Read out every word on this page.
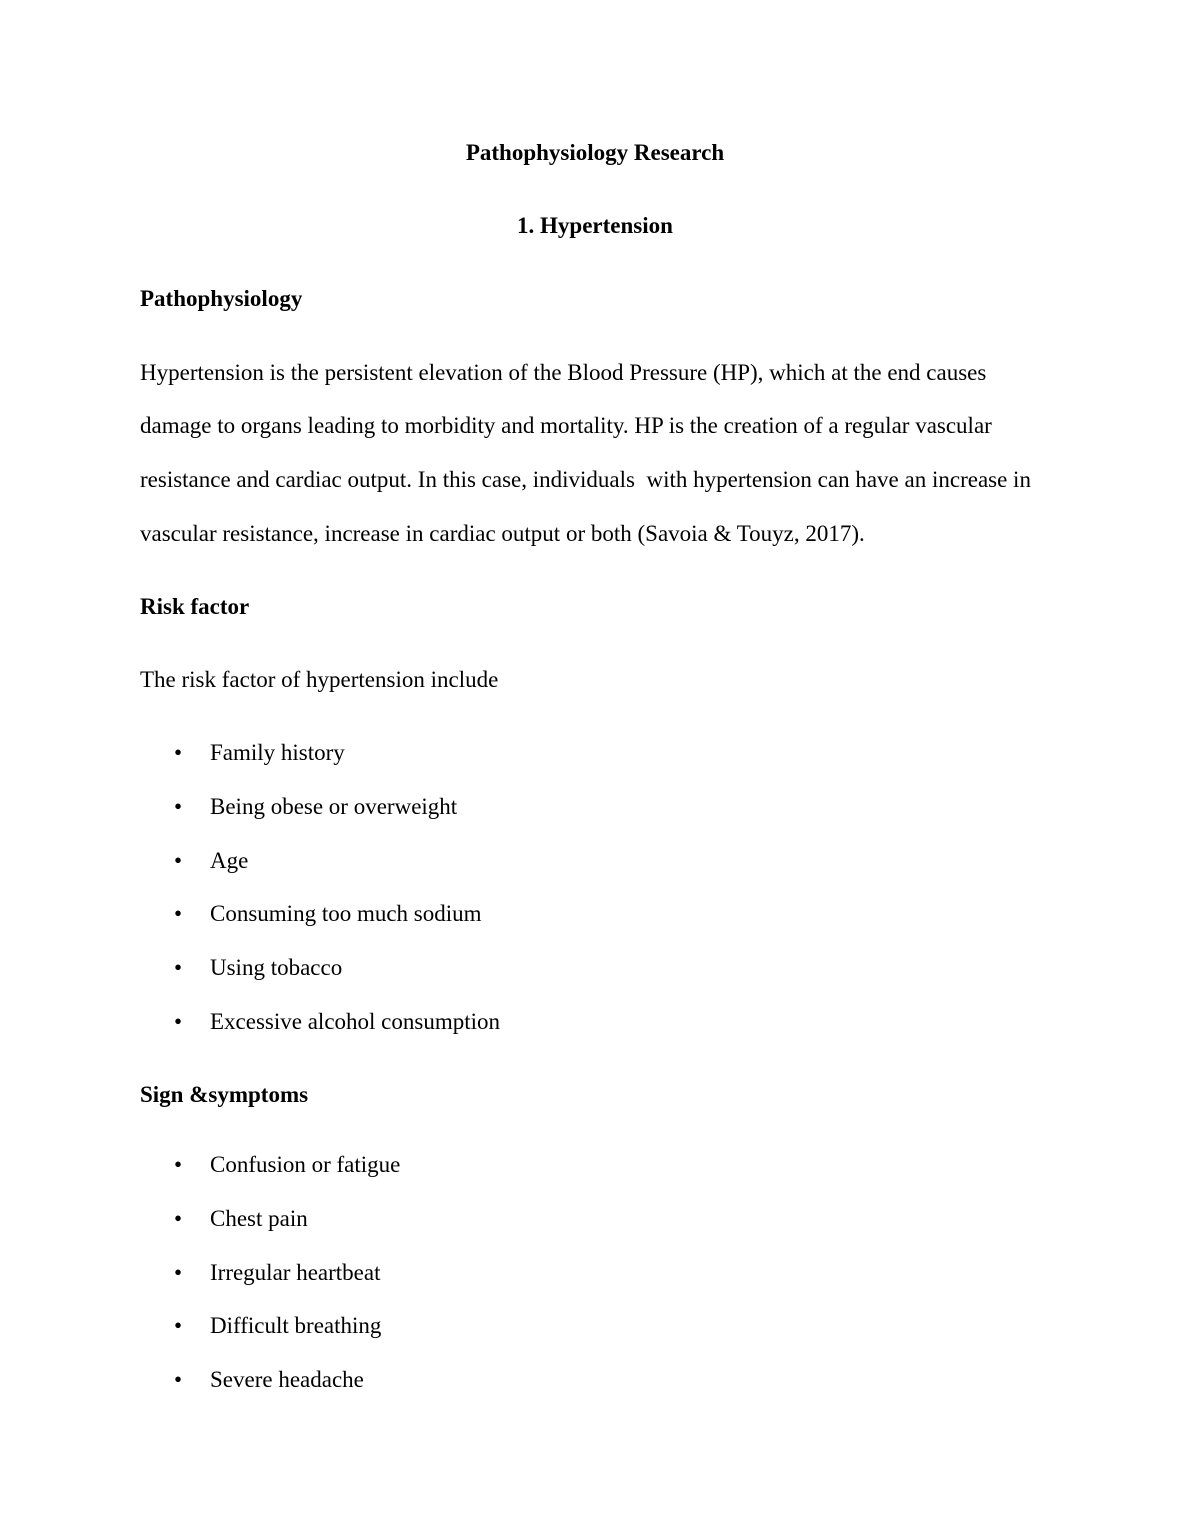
Pathophysiology Research
1. Hypertension
Pathophysiology
Hypertension is the persistent elevation of the Blood Pressure (HP), which at the end causes
damage to organs leading to morbidity and mortality. HP is the creation of a regular vascular
resistance and cardiac output. In this case, individuals  with hypertension can have an increase in
vascular resistance, increase in cardiac output or both (Savoia & Touyz, 2017).
Risk factor
The risk factor of hypertension include
• Family history
• Being obese or overweight
• Age
• Consuming too much sodium
• Using tobacco
• Excessive alcohol consumption
Sign &symptoms
• Confusion or fatigue
• Chest pain
• Irregular heartbeat
• Difficult breathing
• Severe headache
